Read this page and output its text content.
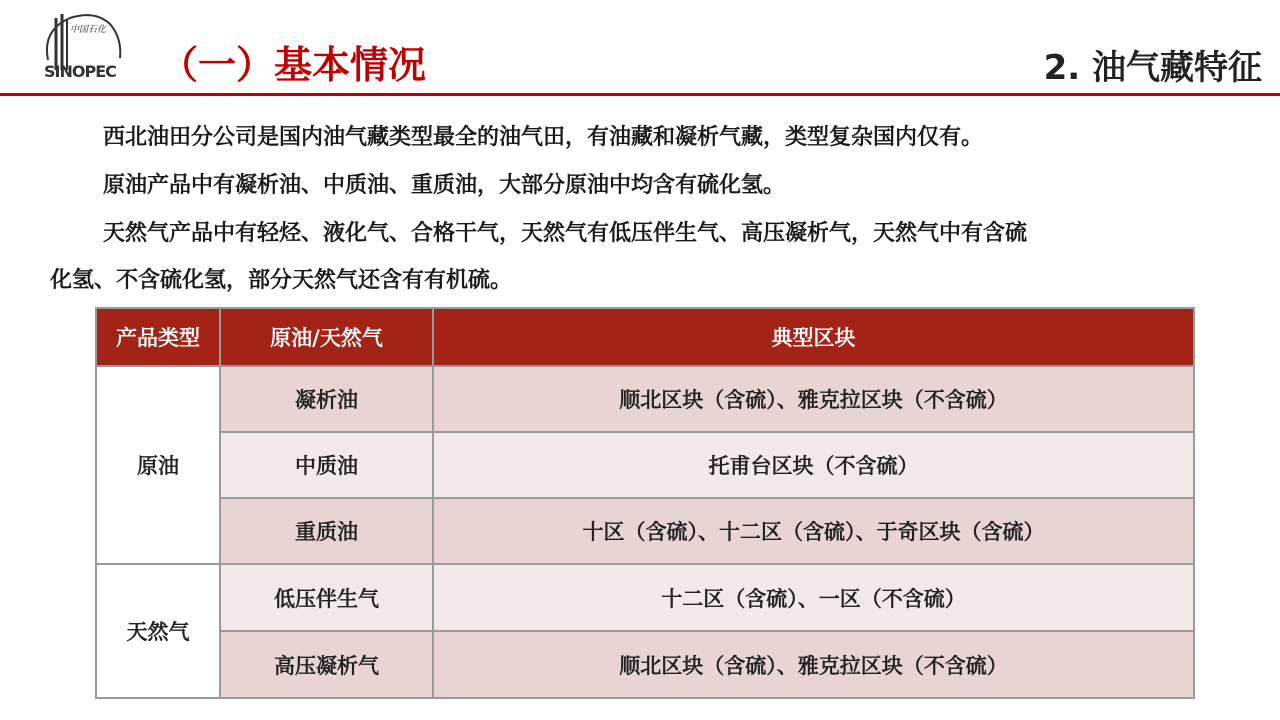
中国石化
SINOPEC （一）基本情况	2. 油气藏特征
西北油田分公司是国内油气藏类型最全的油气田，有油藏和凝析气藏，类型复杂国内仅有。
原油产品中有凝析油、中质油、重质油，大部分原油中均含有硫化氢。
天然气产品中有轻烃、液化气、合格干气，天然气有低压伴生气、高压凝析气，天然气中有含硫
化氢、不含硫化氢，部分天然气还含有有机硫。
产品类型	原油/天然气	典型区块
原油	凝析油	顺北区块（含硫）、雅克拉区块（不含硫）
	中质油	托甫台区块（不含硫）
	重质油	十区（含硫）、十二区（含硫）、于奇区块（含硫）
天然气	低压伴生气	十二区（含硫）、一区（不含硫）
	高压凝析气	顺北区块（含硫）、雅克拉区块（不含硫）
